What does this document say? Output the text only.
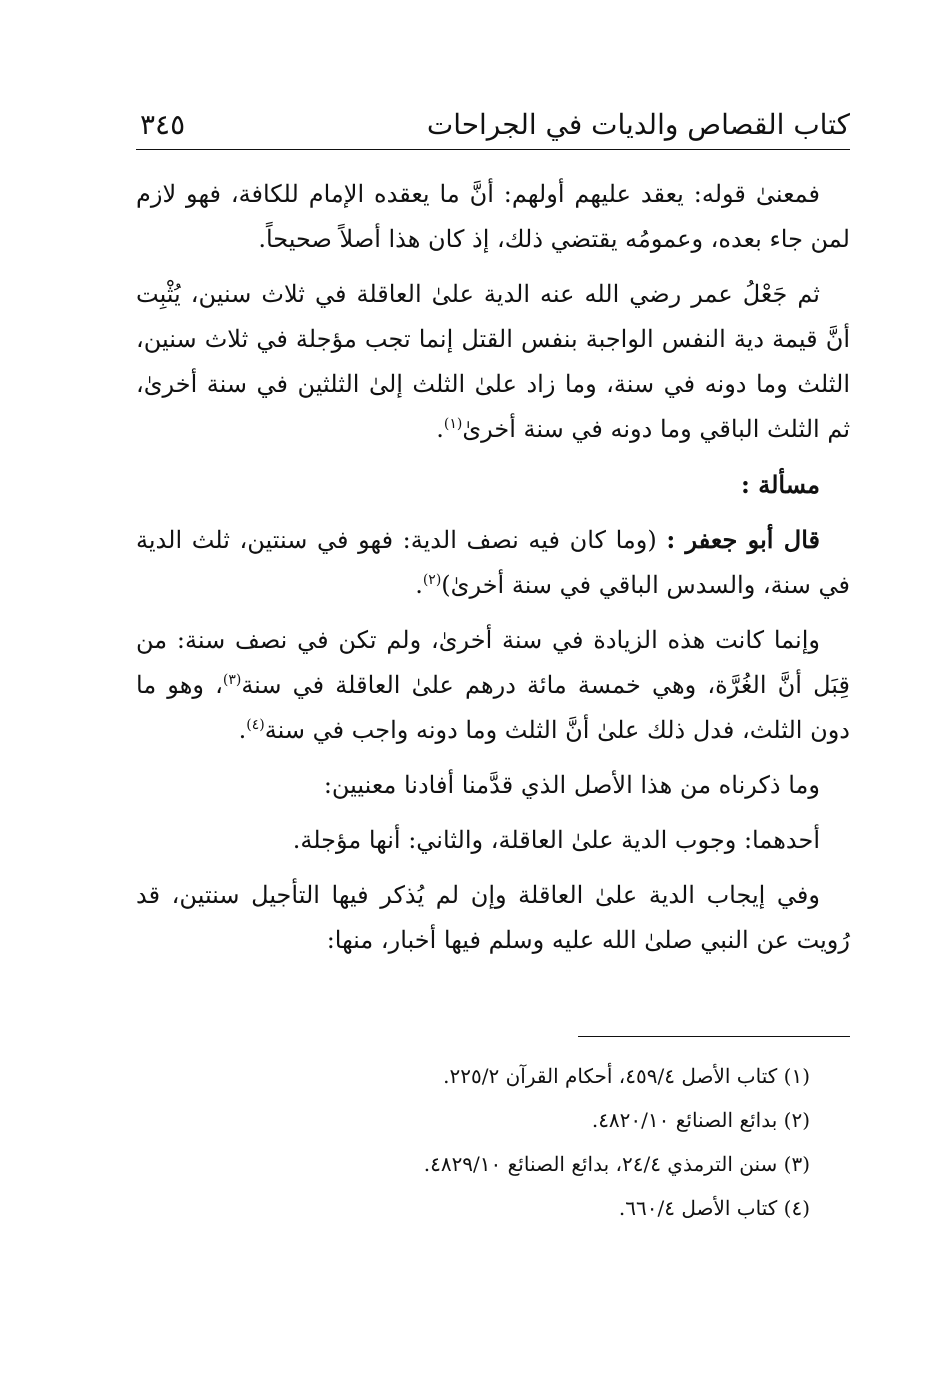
كتاب القصاص والديات في الجراحات
٣٤٥

فمعنىٰ قوله: يعقد عليهم أولهم: أنَّ ما يعقده الإمام للكافة، فهو لازم لمن جاء بعده، وعمومُه يقتضي ذلك، إذ كان هذا أصلاً صحيحاً.

ثم جَعْلُ عمر رضي الله عنه الدية علىٰ العاقلة في ثلاث سنين، يُثْبِت أنَّ قيمة دية النفس الواجبة بنفس القتل إنما تجب مؤجلة في ثلاث سنين، الثلث وما دونه في سنة، وما زاد علىٰ الثلث إلىٰ الثلثين في سنة أخرىٰ، ثم الثلث الباقي وما دونه في سنة أخرىٰ$^{(١)}$.

مسألة :

قال أبو جعفر : (وما كان فيه نصف الدية: فهو في سنتين، ثلث الدية في سنة، والسدس الباقي في سنة أخرىٰ)$^{(٢)}$.

وإنما كانت هذه الزيادة في سنة أخرىٰ، ولم تكن في نصف سنة: من قِبَل أنَّ الغُرَّة، وهي خمسة مائة درهم علىٰ العاقلة في سنة$^{(٣)}$، وهو ما دون الثلث، فدل ذلك علىٰ أنَّ الثلث وما دونه واجب في سنة$^{(٤)}$.

وما ذكرناه من هذا الأصل الذي قدَّمنا أفادنا معنيين:

أحدهما: وجوب الدية علىٰ العاقلة، والثاني: أنها مؤجلة.

وفي إيجاب الدية علىٰ العاقلة وإن لم يُذكر فيها التأجيل سنتين، قد رُويت عن النبي صلىٰ الله عليه وسلم فيها أخبار، منها:

(١) كتاب الأصل ٤٥٩/٤، أحكام القرآن ٢٢٥/٢.

(٢) بدائع الصنائع ٤٨٢٠/١٠.

(٣) سنن الترمذي ٢٤/٤، بدائع الصنائع ٤٨٢٩/١٠.

(٤) كتاب الأصل ٦٦٠/٤.
